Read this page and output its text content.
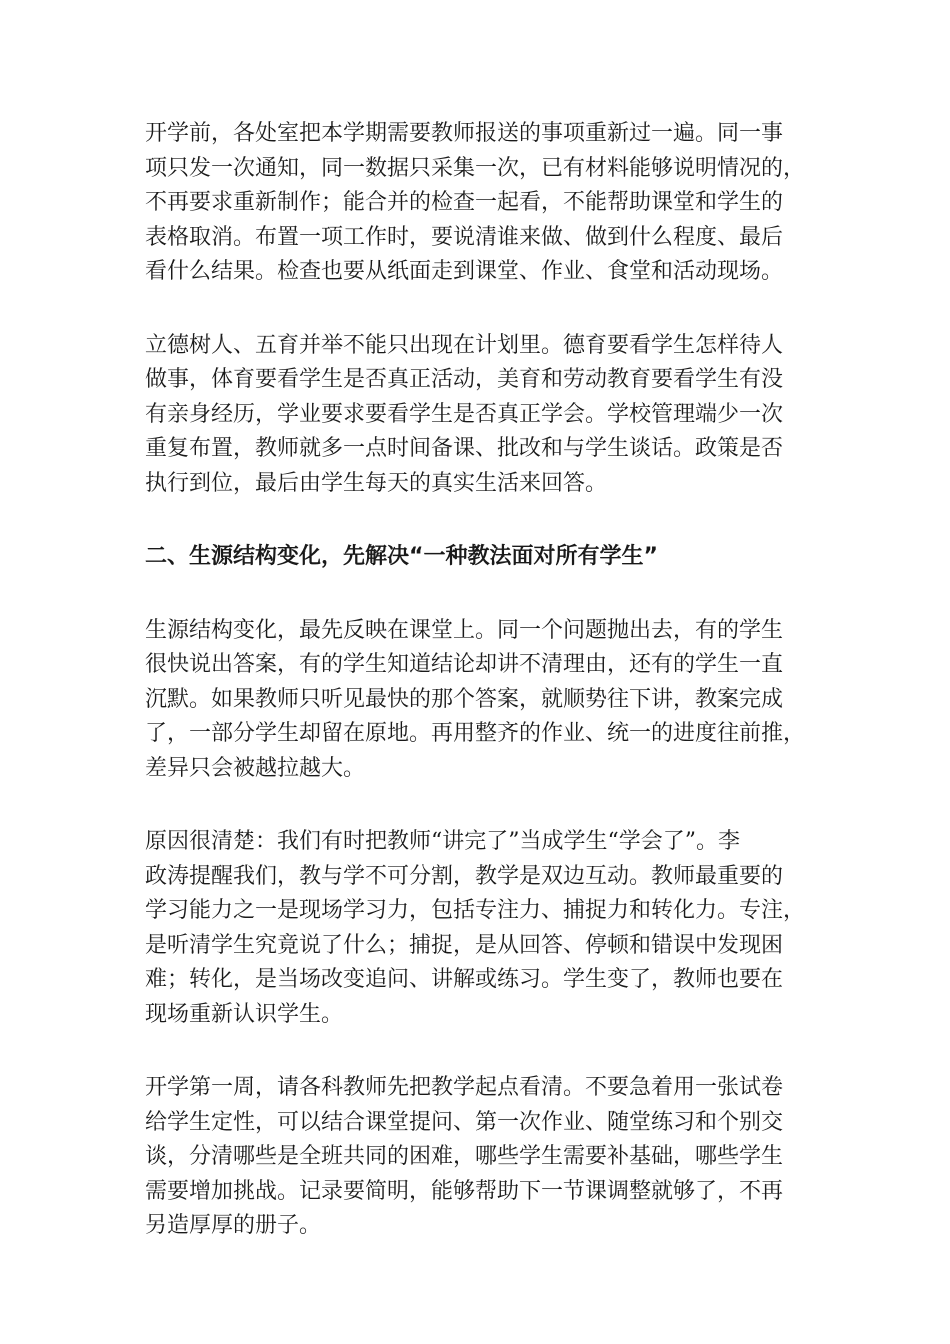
开学前，各处室把本学期需要教师报送的事项重新过一遍。同一事
项只发一次通知，同一数据只采集一次，已有材料能够说明情况的，
不再要求重新制作；能合并的检查一起看，不能帮助课堂和学生的
表格取消。布置一项工作时，要说清谁来做、做到什么程度、最后
看什么结果。检查也要从纸面走到课堂、作业、食堂和活动现场。

立德树人、五育并举不能只出现在计划里。德育要看学生怎样待人
做事，体育要看学生是否真正活动，美育和劳动教育要看学生有没
有亲身经历，学业要求要看学生是否真正学会。学校管理端少一次
重复布置，教师就多一点时间备课、批改和与学生谈话。政策是否
执行到位，最后由学生每天的真实生活来回答。

二、生源结构变化，先解决“一种教法面对所有学生”

生源结构变化，最先反映在课堂上。同一个问题抛出去，有的学生
很快说出答案，有的学生知道结论却讲不清理由，还有的学生一直
沉默。如果教师只听见最快的那个答案，就顺势往下讲，教案完成
了，一部分学生却留在原地。再用整齐的作业、统一的进度往前推，
差异只会被越拉越大。

原因很清楚：我们有时把教师“讲完了”当成学生“学会了”。李
政涛提醒我们，教与学不可分割，教学是双边互动。教师最重要的
学习能力之一是现场学习力，包括专注力、捕捉力和转化力。专注，
是听清学生究竟说了什么；捕捉，是从回答、停顿和错误中发现困
难；转化，是当场改变追问、讲解或练习。学生变了，教师也要在
现场重新认识学生。

开学第一周，请各科教师先把教学起点看清。不要急着用一张试卷
给学生定性，可以结合课堂提问、第一次作业、随堂练习和个别交
谈，分清哪些是全班共同的困难，哪些学生需要补基础，哪些学生
需要增加挑战。记录要简明，能够帮助下一节课调整就够了，不再
另造厚厚的册子。
